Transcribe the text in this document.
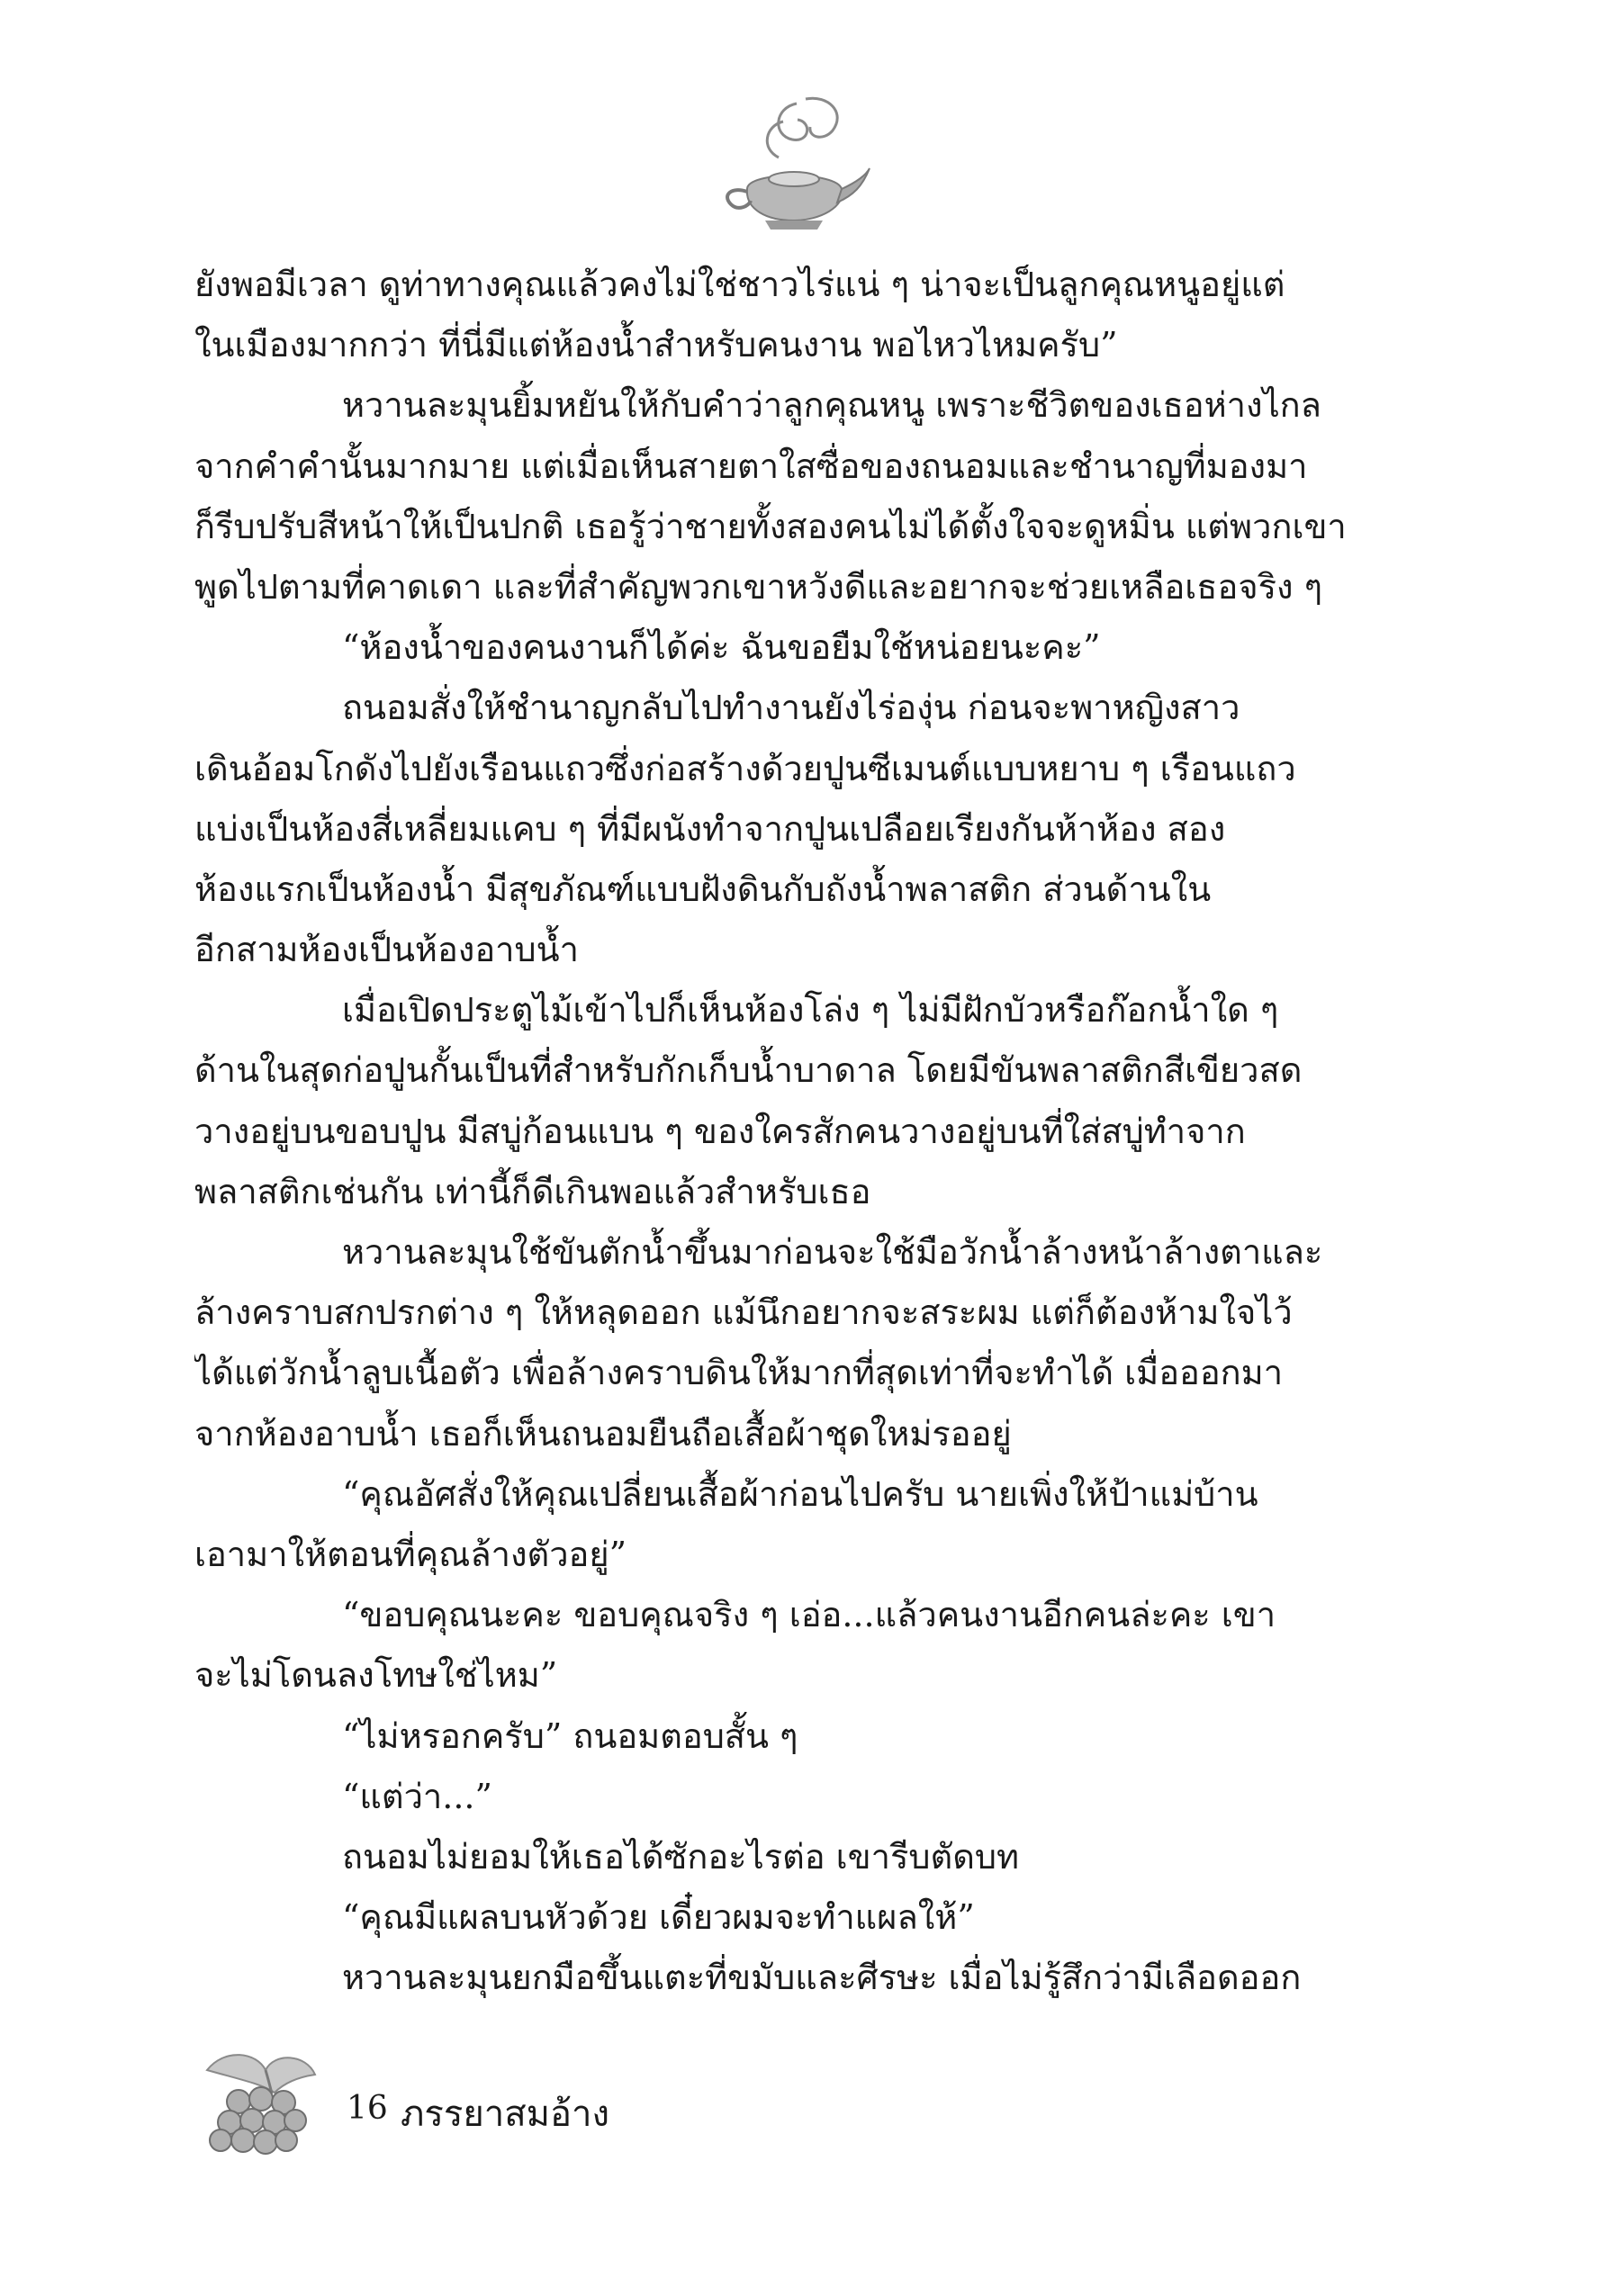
ยังพอมีเวลา ดูท่าทางคุณแล้วคงไม่ใช่ชาวไร่แน่ ๆ น่าจะเป็นลูกคุณหนูอยู่แต่
ในเมืองมากกว่า ที่นี่มีแต่ห้องน้ำสำหรับคนงาน พอไหวไหมครับ”
หวานละมุนยิ้มหยันให้กับคำว่าลูกคุณหนู เพราะชีวิตของเธอห่างไกล
จากคำคำนั้นมากมาย แต่เมื่อเห็นสายตาใสซื่อของถนอมและชำนาญที่มองมา
ก็รีบปรับสีหน้าให้เป็นปกติ เธอรู้ว่าชายทั้งสองคนไม่ได้ตั้งใจจะดูหมิ่น แต่พวกเขา
พูดไปตามที่คาดเดา และที่สำคัญพวกเขาหวังดีและอยากจะช่วยเหลือเธอจริง ๆ
“ห้องน้ำของคนงานก็ได้ค่ะ ฉันขอยืมใช้หน่อยนะคะ”
ถนอมสั่งให้ชำนาญกลับไปทำงานยังไร่องุ่น ก่อนจะพาหญิงสาว
เดินอ้อมโกดังไปยังเรือนแถวซึ่งก่อสร้างด้วยปูนซีเมนต์แบบหยาบ ๆ เรือนแถว
แบ่งเป็นห้องสี่เหลี่ยมแคบ ๆ ที่มีผนังทำจากปูนเปลือยเรียงกันห้าห้อง สอง
ห้องแรกเป็นห้องน้ำ มีสุขภัณฑ์แบบฝังดินกับถังน้ำพลาสติก ส่วนด้านใน
อีกสามห้องเป็นห้องอาบน้ำ
เมื่อเปิดประตูไม้เข้าไปก็เห็นห้องโล่ง ๆ ไม่มีฝักบัวหรือก๊อกน้ำใด ๆ
ด้านในสุดก่อปูนกั้นเป็นที่สำหรับกักเก็บน้ำบาดาล โดยมีขันพลาสติกสีเขียวสด
วางอยู่บนขอบปูน มีสบู่ก้อนแบน ๆ ของใครสักคนวางอยู่บนที่ใส่สบู่ทำจาก
พลาสติกเช่นกัน เท่านี้ก็ดีเกินพอแล้วสำหรับเธอ
หวานละมุนใช้ขันตักน้ำขึ้นมาก่อนจะใช้มือวักน้ำล้างหน้าล้างตาและ
ล้างคราบสกปรกต่าง ๆ ให้หลุดออก แม้นึกอยากจะสระผม แต่ก็ต้องห้ามใจไว้
ได้แต่วักน้ำลูบเนื้อตัว เพื่อล้างคราบดินให้มากที่สุดเท่าที่จะทำได้ เมื่อออกมา
จากห้องอาบน้ำ เธอก็เห็นถนอมยืนถือเสื้อผ้าชุดใหม่รออยู่
“คุณอัศสั่งให้คุณเปลี่ยนเสื้อผ้าก่อนไปครับ นายเพิ่งให้ป้าแม่บ้าน
เอามาให้ตอนที่คุณล้างตัวอยู่”
“ขอบคุณนะคะ ขอบคุณจริง ๆ เอ่อ...แล้วคนงานอีกคนล่ะคะ เขา
จะไม่โดนลงโทษใช่ไหม”
“ไม่หรอกครับ” ถนอมตอบสั้น ๆ
“แต่ว่า...”
ถนอมไม่ยอมให้เธอได้ซักอะไรต่อ เขารีบตัดบท
“คุณมีแผลบนหัวด้วย เดี๋ยวผมจะทำแผลให้”
หวานละมุนยกมือขึ้นแตะที่ขมับและศีรษะ เมื่อไม่รู้สึกว่ามีเลือดออก
16 ภรรยาสมอ้าง
